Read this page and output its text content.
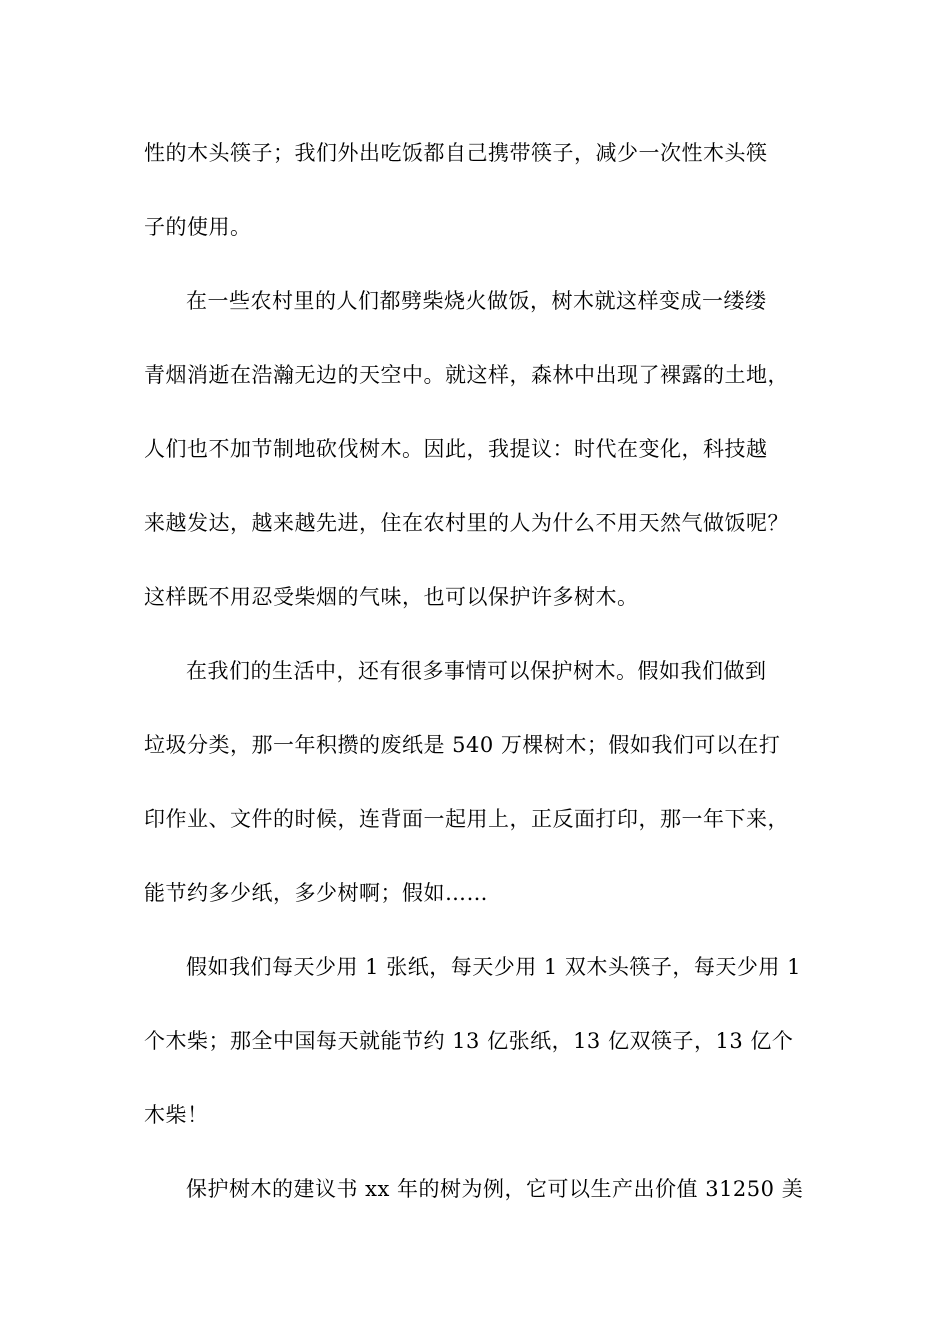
性的木头筷子；我们外出吃饭都自己携带筷子，减少一次性木头筷
子的使用。
在一些农村里的人们都劈柴烧火做饭，树木就这样变成一缕缕
青烟消逝在浩瀚无边的天空中。就这样，森林中出现了裸露的土地，
人们也不加节制地砍伐树木。因此，我提议：时代在变化，科技越
来越发达，越来越先进，住在农村里的人为什么不用天然气做饭呢？
这样既不用忍受柴烟的气味，也可以保护许多树木。
在我们的生活中，还有很多事情可以保护树木。假如我们做到
垃圾分类，那一年积攒的废纸是 540 万棵树木；假如我们可以在打
印作业、文件的时候，连背面一起用上，正反面打印，那一年下来，
能节约多少纸，多少树啊；假如……
假如我们每天少用 1 张纸，每天少用 1 双木头筷子，每天少用 1
个木柴；那全中国每天就能节约 13 亿张纸，13 亿双筷子，13 亿个
木柴！
保护树木的建议书 xx 年的树为例，它可以生产出价值 31250 美
